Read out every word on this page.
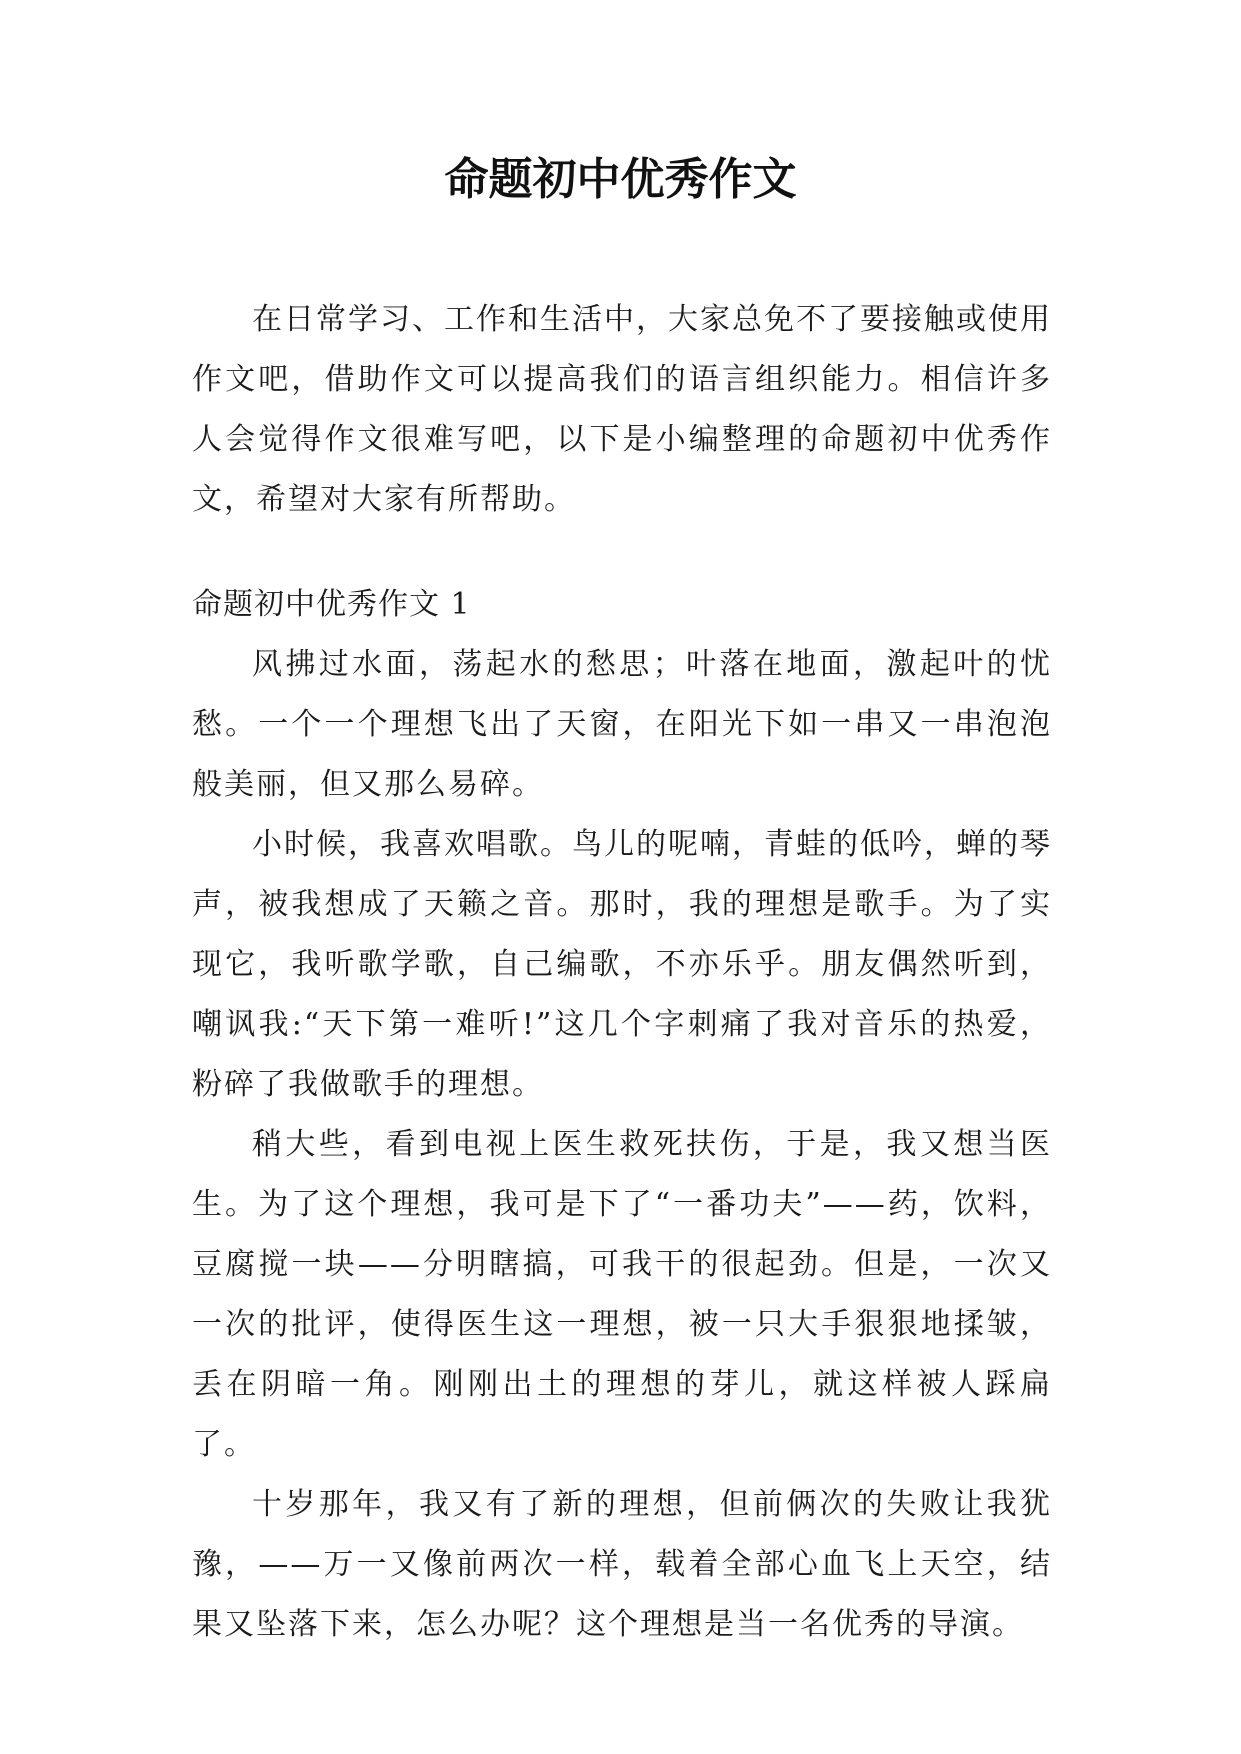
命题初中优秀作文

在日常学习、工作和生活中，大家总免不了要接触或使用作文吧，借助作文可以提高我们的语言组织能力。相信许多人会觉得作文很难写吧，以下是小编整理的命题初中优秀作文，希望对大家有所帮助。

命题初中优秀作文 1

风拂过水面，荡起水的愁思；叶落在地面，激起叶的忧愁。一个一个理想飞出了天窗，在阳光下如一串又一串泡泡般美丽，但又那么易碎。

小时候，我喜欢唱歌。鸟儿的呢喃，青蛙的低吟，蝉的琴声，被我想成了天籁之音。那时，我的理想是歌手。为了实现它，我听歌学歌，自己编歌，不亦乐乎。朋友偶然听到，嘲讽我:“天下第一难听!”这几个字刺痛了我对音乐的热爱，粉碎了我做歌手的理想。

稍大些，看到电视上医生救死扶伤，于是，我又想当医生。为了这个理想，我可是下了“一番功夫”——药，饮料，豆腐搅一块——分明瞎搞，可我干的很起劲。但是，一次又一次的批评，使得医生这一理想，被一只大手狠狠地揉皱，丢在阴暗一角。刚刚出土的理想的芽儿，就这样被人踩扁了。

十岁那年，我又有了新的理想，但前俩次的失败让我犹豫，——万一又像前两次一样，载着全部心血飞上天空，结果又坠落下来，怎么办呢？这个理想是当一名优秀的导演。
